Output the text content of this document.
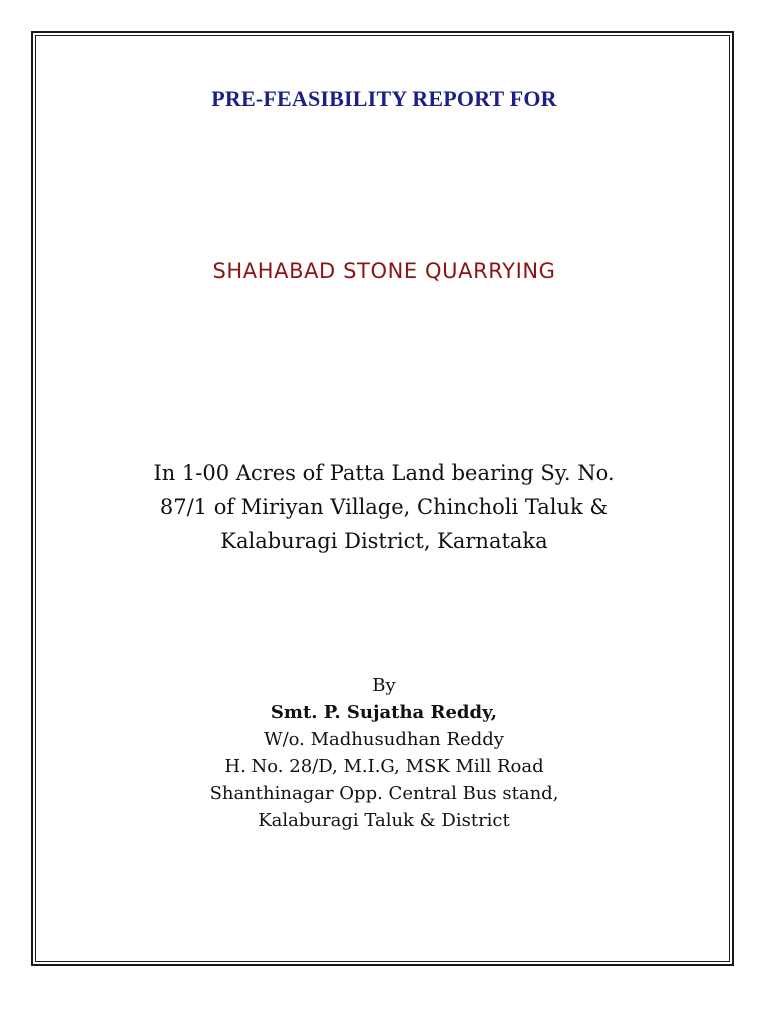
PRE-FEASIBILITY REPORT FOR
SHAHABAD STONE QUARRYING
In 1-00 Acres of Patta Land bearing Sy. No.
87/1 of Miriyan Village, Chincholi Taluk &
Kalaburagi District, Karnataka
By
Smt. P. Sujatha Reddy,
W/o. Madhusudhan Reddy
H. No. 28/D, M.I.G, MSK Mill Road
Shanthinagar Opp. Central Bus stand,
Kalaburagi Taluk & District
